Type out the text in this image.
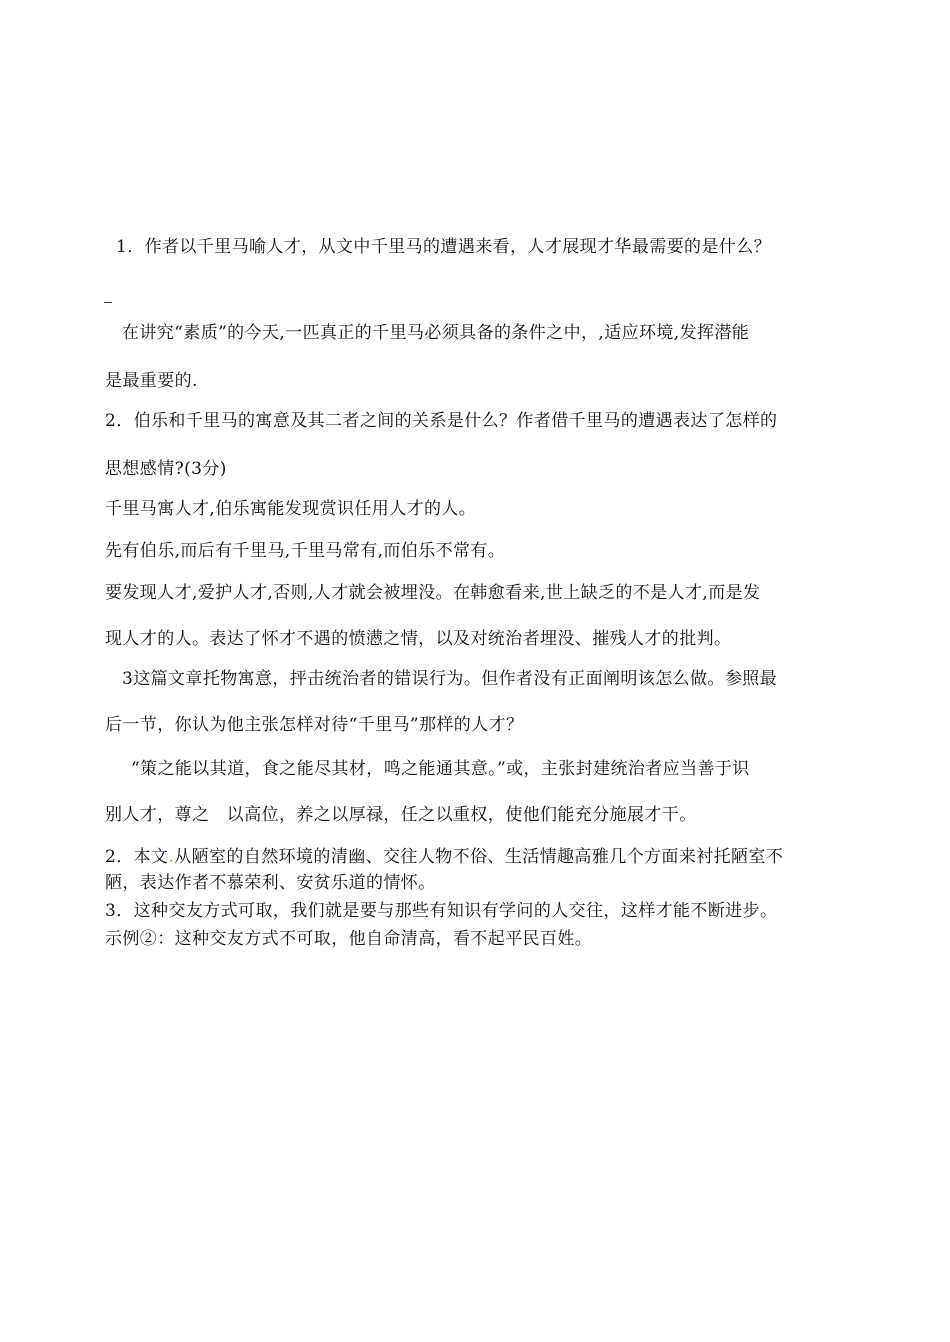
1．作者以千里马喻人才，从文中千里马的遭遇来看，人才展现才华最需要的是什么？
在讲究“素质”的今天,一匹真正的千里马必须具备的条件之中，,适应环境,发挥潜能
是最重要的.
2．伯乐和千里马的寓意及其二者之间的关系是什么？作者借千里马的遭遇表达了怎样的
思想感情?(3分)
千里马寓人才,伯乐寓能发现赏识任用人才的人。
先有伯乐,而后有千里马,千里马常有,而伯乐不常有。
要发现人才,爱护人才,否则,人才就会被埋没。在韩愈看来,世上缺乏的不是人才,而是发
现人才的人。表达了怀才不遇的愤懑之情，以及对统治者埋没、摧残人才的批判。
3这篇文章托物寓意，抨击统治者的错误行为。但作者没有正面阐明该怎么做。参照最
后一节，你认为他主张怎样对待“千里马”那样的人才？
“策之能以其道，食之能尽其材，鸣之能通其意。”或，主张封建统治者应当善于识
别人才，尊之　以高位，养之以厚禄，任之以重权，使他们能充分施展才干。
2．本文.从陋室的自然环境的清幽、交往人物不俗、生活情趣高雅几个方面来衬托陋室不
陋，表达作者不慕荣利、安贫乐道的情怀。
3．这种交友方式可取，我们就是要与那些有知识有学问的人交往，这样才能不断进步。
示例②：这种交友方式不可取，他自命清高，看不起平民百姓。
